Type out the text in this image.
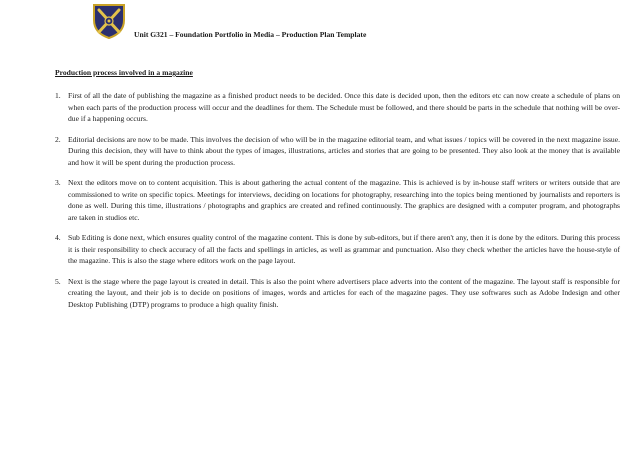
Unit G321 – Foundation Portfolio in Media – Production Plan Template
Production process involved in a magazine
1. First of all the date of publishing the magazine as a finished product needs to be decided. Once this date is decided upon, then the editors etc can now create a schedule of plans on when each parts of the production process will occur and the deadlines for them. The Schedule must be followed, and there should be parts in the schedule that nothing will be over-due if a happening occurs.
2. Editorial decisions are now to be made. This involves the decision of who will be in the magazine editorial team, and what issues / topics will be covered in the next magazine issue. During this decision, they will have to think about the types of images, illustrations, articles and stories that are going to be presented. They also look at the money that is available and how it will be spent during the production process.
3. Next the editors move on to content acquisition. This is about gathering the actual content of the magazine. This is achieved is by in-house staff writers or writers outside that are commissioned to write on specific topics. Meetings for interviews, deciding on locations for photography, researching into the topics being mentioned by journalists and reporters is done as well. During this time, illustrations / photographs and graphics are created and refined continuously. The graphics are designed with a computer program, and photographs are taken in studios etc.
4. Sub Editing is done next, which ensures quality control of the magazine content. This is done by sub-editors, but if there aren't any, then it is done by the editors. During this process it is their responsibility to check accuracy of all the facts and spellings in articles, as well as grammar and punctuation. Also they check whether the articles have the house-style of the magazine. This is also the stage where editors work on the page layout.
5. Next is the stage where the page layout is created in detail. This is also the point where advertisers place adverts into the content of the magazine. The layout staff is responsible for creating the layout, and their job is to decide on positions of images, words and articles for each of the magazine pages. They use softwares such as Adobe Indesign and other Desktop Publishing (DTP) programs to produce a high quality finish.
